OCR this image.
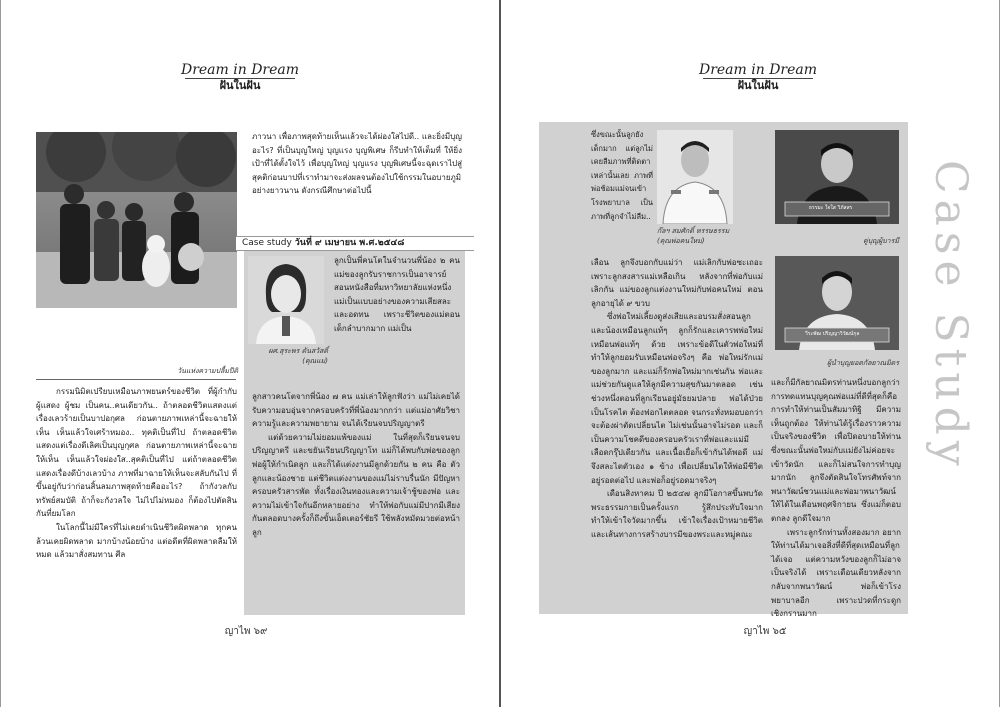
Dream in Dream
ฝันในฝัน
วันแห่งความปลื้มปีติ

กรรมนิมิตเปรียบเหมือนภาพยนตร์ของชีวิต ที่ผู้กำกับ ผู้แสดง ผู้ชม เป็นคน..คนเดียวกัน.. ถ้าตลอดชีวิตแสดงแต่เรื่องเลวร้ายเป็นบาปอกุศล ก่อนตายภาพเหล่านี้จะฉายให้เห็น เห็นแล้วใจเศร้าหมอง.. ทุคติเป็นที่ไป ถ้าตลอดชีวิตแสดงแต่เรื่องดีเลิศเป็นบุญกุศล ก่อนตายภาพเหล่านี้จะฉายให้เห็น เห็นแล้วใจผ่องใส..สุคติเป็นที่ไป แต่ถ้าตลอดชีวิตแสดงเรื่องดีบ้างเลวบ้าง ภาพที่มาฉายให้เห็นจะสลับกันไป ที่ขึ้นอยู่กับว่าก่อนสิ้นลมภาพสุดท้ายคืออะไร? ถ้ากังวลกับทรัพย์สมบัติ ถ้าก็จะกังวลใจ ไม่ไปไม่หมอง ก็ต้องไปตัดสินกันที่ยมโลก

ในโลกนี้ไม่มีใครที่ไม่เคยดำเนินชีวิตผิดพลาด ทุกคนล้วนเคยผิดพลาด มากบ้างน้อยบ้าง แต่อดีตที่ผิดพลาดลืมให้หมด แล้วมาสั่งสมทาน ศีล

ภาวนา เพื่อภาพสุดท้ายเห็นแล้วจะได้ผ่องใสไปดี.. และยิ่งมีบุญอะไร? ที่เป็นบุญใหญ่ บุญแรง บุญพิเศษ ก็รีบทำให้เต็มที่ ให้ยิ่งเป้าที่ได้ตั้งใจไว้ เพื่อบุญใหญ่ บุญแรง บุญพิเศษนี้จะฉุดเราไปสู่สุคติก่อนบาปที่เราทำมาจะส่งผลจนต้องไปใช้กรรมในอบายภูมิอย่างยาวนาน ดังกรณีศึกษาต่อไปนี้
Case study วันที่ ๙ เมษายน พ.ศ.๒๕๔๘
ผศ.สุระพร ตันสวัสดิ์
(คุณแม่)
ลูกเป็นพี่คนโตในจำนวนพี่น้อง ๒ คน แม่ของลูกรับราชการเป็นอาจารย์สอนหนังสือที่มหาวิทยาลัยแห่งหนึ่ง แม่เป็นแบบอย่างของความเสียสละและอดทน เพราะชีวิตของแม่ตอนเด็กลำบากมาก แม่เป็น

ลูกสาวคนโตจากพี่น้อง ๗ คน แม่เล่าให้ลูกฟังว่า แม่ไม่เคยได้รับความอบอุ่นจากครอบครัวที่พี่น้องมากกว่า แต่แม่อาศัยวิชาความรู้และความพยายาม จนได้เรียนจบปริญญาตรี

แต่ด้วยความไม่ยอมแพ้ของแม่ ในที่สุดก็เรียนจนจบปริญญาตรี และขยันเรียนปริญญาโท แม่ก็ได้พบกับพ่อของลูก พ่อผู้ให้กำเนิดลูก และก็ได้แต่งงานมีลูกด้วยกัน ๒ คน คือ ตัวลูกและน้องชาย แต่ชีวิตแต่งงานของแม่ไม่ราบรื่นนัก มีปัญหาครอบครัวสารพัด ทั้งเรื่องเงินทองและความเจ้าชู้ของพ่อ และความไม่เข้าใจกันอีกหลายอย่าง ทำให้พ่อกับแม่มีปากมีเสียงกันตลอดบางครั้งก็ถึงขั้นเอ็ดเตอร์ชัยรี ใช้พลังหมัดมวยต่อหน้าลูก

ญาไพ ๖๙
Dream in Dream
ฝันในฝัน
Case Study
ก๊ลฯ สมศักดิ์ หรรษธรรม
(คุณพ่อคนใหม่)
ธรรมะ ใจใส วิภัสสร
คู่บุญผู้บารมี
วีระพัฒ ปริญญาวิวัฒน์กุล
ผู้นำบุญยอดกัลยาณมิตร
ซึ่งขณะนั้นลูกยังเด็กมาก แต่ลูกไม่เคยลืมภาพที่ติดตาเหล่านั้นเลย ภาพที่พ่อช้อมแม่จนเข้าโรงพยาบาล เป็นภาพที่ลูกจำไม่ลืม..

เลือน ลูกจึงบอกกับแม่ว่า แม่เลิกกับพ่อซะเถอะ เพราะลูกสงสารแม่เหลือเกิน หลังจากที่พ่อกับแม่เลิกกัน แม่ของลูกแต่งงานใหม่กับพ่อคนใหม่ ตอนลูกอายุได้ ๙ ขวบ

ซึ่งพ่อใหม่เลี้ยงดูส่งเสียและอบรมสั่งสอนลูกและน้องเหมือนลูกแท้ๆ ลูกก็รักและเคารพพ่อใหม่เหมือนพ่อแท้ๆ ด้วย เพราะข้อดีในตัวพ่อใหม่ที่ทำให้ลูกยอมรับเหมือนพ่อจริงๆ คือ พ่อใหม่รักแม่ของลูกมาก และแม่ก็รักพ่อใหม่มากเช่นกัน พ่อและแม่ช่วยกันดูแลให้ลูกมีความสุขกันมาตลอด เช่น ช่วงหนึ่งตอนที่ลูกเรียนอยู่มัธยมปลาย พ่อได้ป่วยเป็นโรคไต ต้องฟอกไตตลอด จนกระทั่งหมอบอกว่าจะต้องผ่าตัดเปลี่ยนไต ไม่เช่นนั้นอาจไม่รอด และก็เป็นความโชคดีของครอบครัวเราที่พ่อและแม่มีเลือดกรุ๊ปเดียวกัน และเนื้อเยื่อก็เข้ากันได้พอดี แม่จึงสละไตตัวเอง ๑ ข้าง เพื่อเปลี่ยนไตให้พ่อมีชีวิตอยู่รอดต่อไป และพ่อก็อยู่รอดมาจริงๆ

เดือนสิงหาคม ปี ๒๕๔๗ ลูกมีโอกาสขึ้นพบวัดพระธรรมกายเป็นครั้งแรก รู้สึกประทับใจมาก ทำให้เข้าใจวัดมากขึ้น เข้าใจเรื่องเป้าหมายชีวิตและเส้นทางการสร้างบารมีของพระและหมู่คณะ

และก็มีกัลยาณมิตรท่านหนึ่งบอกลูกว่า การทดแทนบุญคุณพ่อแม่ที่ดีที่สุดก็คือ การทำให้ท่านเป็นสัมมาทิฐิ มีความเห็นถูกต้อง ให้ท่านได้รู้เรื่องราวความเป็นจริงของชีวิต เพื่อปิดอบายให้ท่าน ซึ่งขณะนั้นพ่อใหม่กับแม่ยังไม่ค่อยจะเข้าวัดนัก และก็ไม่สนใจการทำบุญมากนัก ลูกจึงตัดสินใจโทรศัพท์จากพนาวัฒน์ชวนแม่และพ่อมาพนาวัฒน์ให้ได้ในเดือนพฤศจิกายน ซึ่งแม่ก็ตอบตกลง ลูกดีใจมาก

เพราะลูกรักท่านทั้งสองมาก อยากให้ท่านได้มาเจอสิ่งที่ดีที่สุดเหมือนที่ลูกได้เจอ แต่ความหวังของลูกก็ไม่อาจเป็นจริงได้ เพราะเดือนเดียวหลังจากกลับจากพนาวัฒน์ พ่อก็เข้าโรงพยาบาลอีก เพราะปวดที่กระดูกเชิงกรานมาก

ญาไพ ๖๕
